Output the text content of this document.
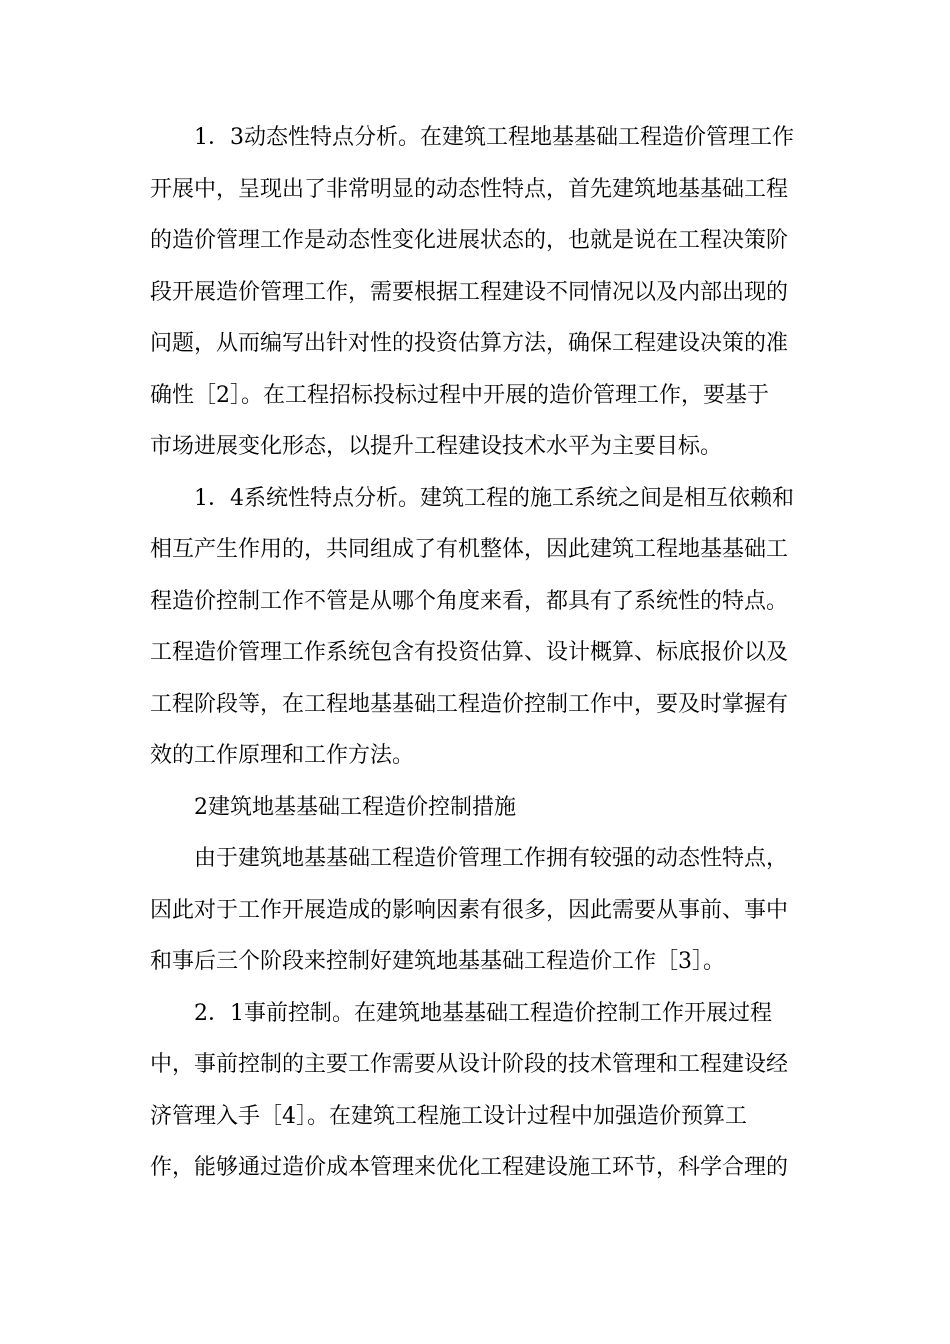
1．3动态性特点分析。在建筑工程地基基础工程造价管理工作
开展中，呈现出了非常明显的动态性特点，首先建筑地基基础工程
的造价管理工作是动态性变化进展状态的，也就是说在工程决策阶
段开展造价管理工作，需要根据工程建设不同情况以及内部出现的
问题，从而编写出针对性的投资估算方法，确保工程建设决策的准
确性［2］。在工程招标投标过程中开展的造价管理工作，要基于
市场进展变化形态，以提升工程建设技术水平为主要目标。
1．4系统性特点分析。建筑工程的施工系统之间是相互依赖和
相互产生作用的，共同组成了有机整体，因此建筑工程地基基础工
程造价控制工作不管是从哪个角度来看，都具有了系统性的特点。
工程造价管理工作系统包含有投资估算、设计概算、标底报价以及
工程阶段等，在工程地基基础工程造价控制工作中，要及时掌握有
效的工作原理和工作方法。
2建筑地基基础工程造价控制措施
由于建筑地基基础工程造价管理工作拥有较强的动态性特点，
因此对于工作开展造成的影响因素有很多，因此需要从事前、事中
和事后三个阶段来控制好建筑地基基础工程造价工作［3］。
2．1事前控制。在建筑地基基础工程造价控制工作开展过程
中，事前控制的主要工作需要从设计阶段的技术管理和工程建设经
济管理入手［4］。在建筑工程施工设计过程中加强造价预算工
作，能够通过造价成本管理来优化工程建设施工环节，科学合理的
